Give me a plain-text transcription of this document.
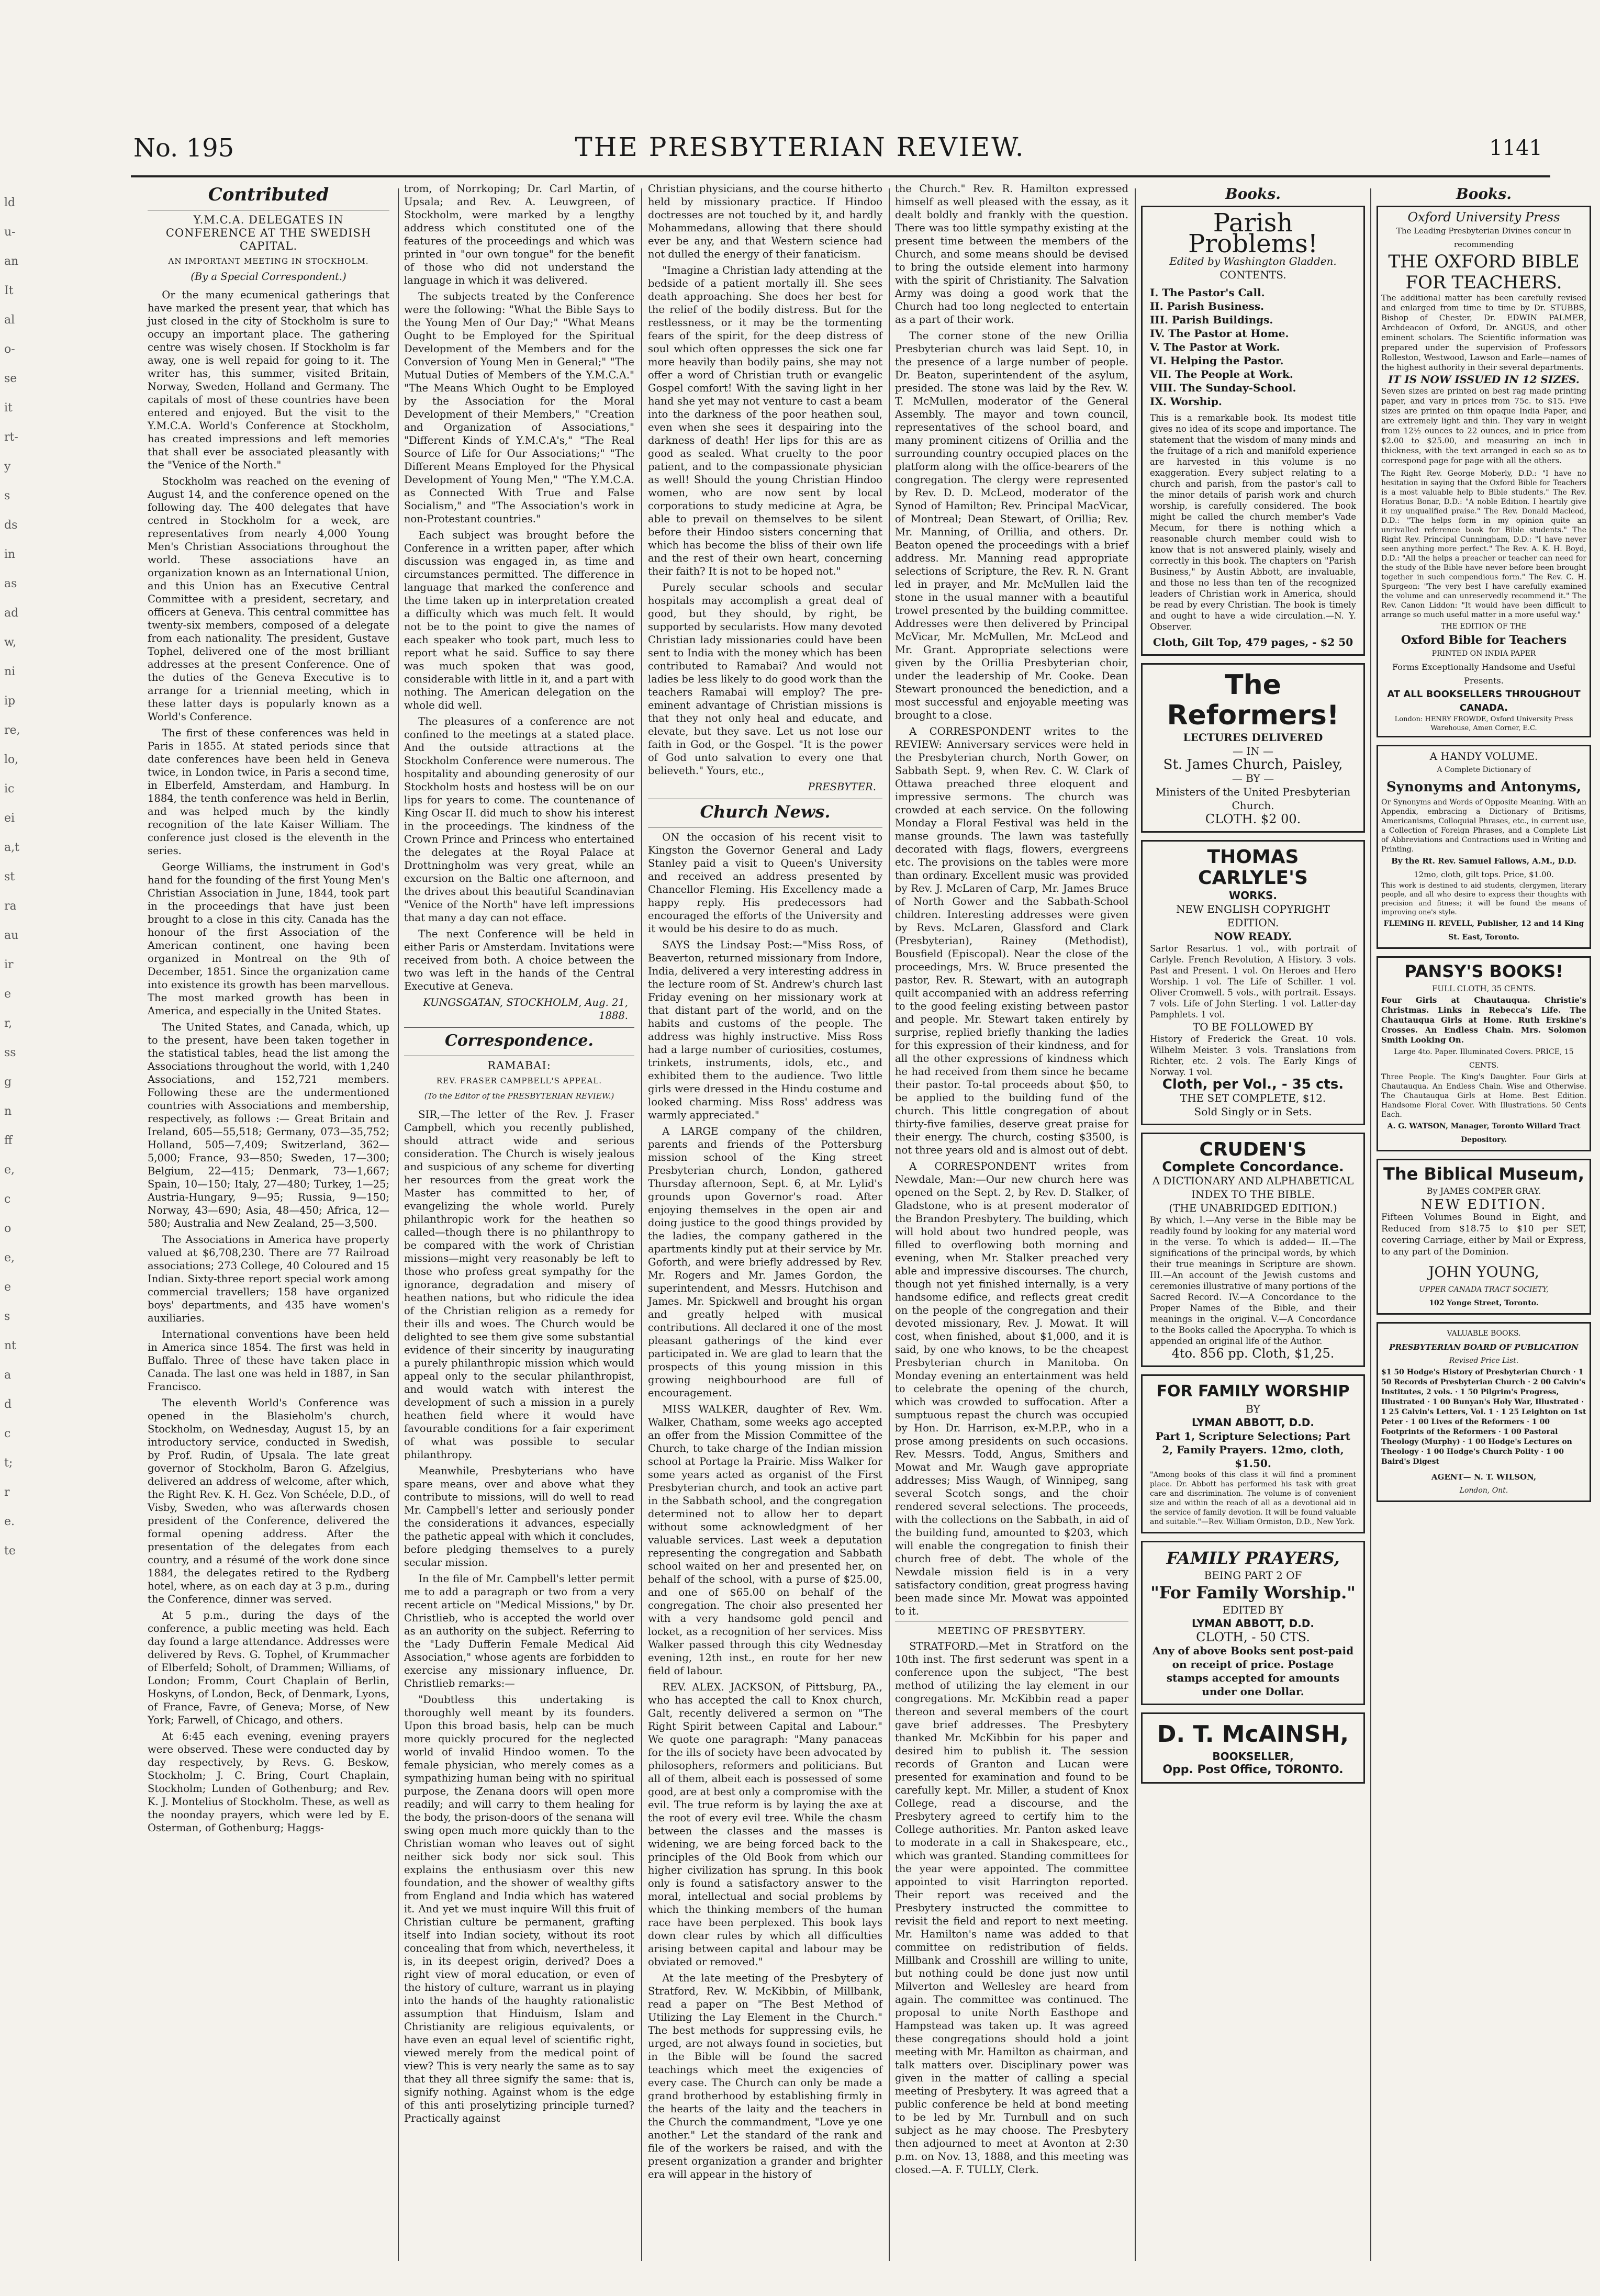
No. 195	THE PRESBYTERIAN REVIEW.	1141
ld u- an It al o- se it rt- y s ds in as ad w, ni ip re, lo, ic ei a,t st ra au ir e r, ss g n ff e, c o e, e s nt a d c t; r e. te
Contributed
Y.M.C.A. DELEGATES IN CONFERENCE AT THE SWEDISH CAPITAL.
AN IMPORTANT MEETING IN STOCKHOLM.
(By a Special Correspondent.)

Or the many ecumenical gatherings that have marked the present year, that which has just closed in the city of Stockholm is sure to occupy an important place. The gathering centre was wisely chosen. If Stockholm is far away, one is well repaid for going to it. The writer has, this summer, visited Britain, Norway, Sweden, Holland and Germany. The capitals of most of these countries have been entered and enjoyed. But the visit to the Y.M.C.A. World's Conference at Stockholm, has created impressions and left memories that shall ever be associated pleasantly with the "Venice of the North."

Stockholm was reached on the evening of August 14, and the conference opened on the following day. The 400 delegates that have centred in Stockholm for a week, are representatives from nearly 4,000 Young Men's Christian Associations throughout the world. These associations have an organization known as an International Union, and this Union has an Executive Central Committee with a president, secretary, and officers at Geneva. This central committee has twenty-six members, composed of a delegate from each nationality. The president, Gustave Tophel, delivered one of the most brilliant addresses at the present Conference. One of the duties of the Geneva Executive is to arrange for a triennial meeting, which in these latter days is popularly known as a World's Conference.

The first of these conferences was held in Paris in 1855. At stated periods since that date conferences have been held in Geneva twice, in London twice, in Paris a second time, in Elberfeld, Amsterdam, and Hamburg. In 1884, the tenth conference was held in Berlin, and was helped much by the kindly recognition of the late Kaiser William. The conference just closed is the eleventh in the series.

George Williams, the instrument in God's hand for the founding of the first Young Men's Christian Association in June, 1844, took part in the proceedings that have just been brought to a close in this city. Canada has the honour of the first Association of the American continent, one having been organized in Montreal on the 9th of December, 1851. Since the organization came into existence its growth has been marvellous. The most marked growth has been in America, and especially in the United States.

The United States, and Canada, which, up to the present, have been taken together in the statistical tables, head the list among the Associations throughout the world, with 1,240 Associations, and 152,721 members. Following these are the undermentioned countries with Associations and membership, respectively, as follows :— Great Britain and Ireland, 605—55,518; Germany, 073—35,752; Holland, 505—7,409; Switzerland, 362—5,000; France, 93—850; Sweden, 17—300; Belgium, 22—415; Denmark, 73—1,667; Spain, 10—150; Italy, 27—480; Turkey, 1—25; Austria-Hungary, 9—95; Russia, 9—150; Norway, 43—690; Asia, 48—450; Africa, 12—580; Australia and New Zealand, 25—3,500.

The Associations in America have property valued at $6,708,230. There are 77 Railroad associations; 273 College, 40 Coloured and 15 Indian. Sixty-three report special work among commercial travellers; 158 have organized boys' departments, and 435 have women's auxiliaries.

International conventions have been held in America since 1854. The first was held in Buffalo. Three of these have taken place in Canada. The last one was held in 1887, in San Francisco.

The eleventh World's Conference was opened in the Blasieholm's church, Stockholm, on Wednesday, August 15, by an introductory service, conducted in Swedish, by Prof. Rudin, of Upsala. The late great governor of Stockholm, Baron G. Afzelgius, delivered an address of welcome, after which, the Right Rev. K. H. Gez. Von Schéele, D.D., of Visby, Sweden, who was afterwards chosen president of the Conference, delivered the formal opening address. After the presentation of the delegates from each country, and a résumé of the work done since 1884, the delegates retired to the Rydberg hotel, where, as on each day at 3 p.m., during the Conference, dinner was served.

At 5 p.m., during the days of the conference, a public meeting was held. Each day found a large attendance. Addresses were delivered by Revs. G. Tophel, of Krummacher of Elberfeld; Soholt, of Drammen; Williams, of London; Fromm, Court Chaplain of Berlin, Hoskyns, of London, Beck, of Denmark, Lyons, of France, Favre, of Geneva; Morse, of New York; Farwell, of Chicago, and others.

At 6:45 each evening, evening prayers were observed. These were conducted day by day respectively, by Revs. G. Beskow, Stockholm; J. C. Bring, Court Chaplain, Stockholm; Lunden of Gothenburg; and Rev. K. J. Montelius of Stockholm. These, as well as the noonday prayers, which were led by E. Osterman, of Gothenburg; Haggs-

trom, of Norrkoping; Dr. Carl Martin, of Upsala; and Rev. A. Leuwgreen, of Stockholm, were marked by a lengthy address which constituted one of the features of the proceedings and which was printed in "our own tongue" for the benefit of those who did not understand the language in which it was delivered.

The subjects treated by the Conference were the following: "What the Bible Says to the Young Men of Our Day;" "What Means Ought to be Employed for the Spiritual Development of the Members and for the Conversion of Young Men in General;" "The Mutual Duties of Members of the Y.M.C.A." "The Means Which Ought to be Employed by the Association for the Moral Development of their Members," "Creation and Organization of Associations," "Different Kinds of Y.M.C.A's," "The Real Source of Life for Our Associations;" "The Different Means Employed for the Physical Development of Young Men," "The Y.M.C.A. as Connected With True and False Socialism," and "The Association's work in non-Protestant countries."

Each subject was brought before the Conference in a written paper, after which discussion was engaged in, as time and circumstances permitted. The difference in language that marked the conference and the time taken up in interpretation created a difficulty which was much felt. It would not be to the point to give the names of each speaker who took part, much less to report what he said. Suffice to say there was much spoken that was good, considerable with little in it, and a part with nothing. The American delegation on the whole did well.

The pleasures of a conference are not confined to the meetings at a stated place. And the outside attractions at the Stockholm Conference were numerous. The hospitality and abounding generosity of our Stockholm hosts and hostess will be on our lips for years to come. The countenance of King Oscar II. did much to show his interest in the proceedings. The kindness of the Crown Prince and Princess who entertained the delegates at the Royal Palace at Drottningholm was very great, while an excursion on the Baltic one afternoon, and the drives about this beautiful Scandinavian "Venice of the North" have left impressions that many a day can not efface.

The next Conference will be held in either Paris or Amsterdam. Invitations were received from both. A choice between the two was left in the hands of the Central Executive at Geneva.

KUNGSGATAN, STOCKHOLM, Aug. 21, 1888.
Correspondence.
RAMABAI:
REV. FRASER CAMPBELL'S APPEAL.
(To the Editor of the PRESBYTERIAN REVIEW.)

SIR,—The letter of the Rev. J. Fraser Campbell, which you recently published, should attract wide and serious consideration. The Church is wisely jealous and suspicious of any scheme for diverting her resources from the great work the Master has committed to her, of evangelizing the whole world. Purely philanthropic work for the heathen so called—though there is no philanthropy to be compared with the work of Christian missions—might very reasonably be left to those who profess great sympathy for the ignorance, degradation and misery of heathen nations, but who ridicule the idea of the Christian religion as a remedy for their ills and woes. The Church would be delighted to see them give some substantial evidence of their sincerity by inaugurating a purely philanthropic mission which would appeal only to the secular philanthropist, and would watch with interest the development of such a mission in a purely heathen field where it would have favourable conditions for a fair experiment of what was possible to secular philanthropy.

Meanwhile, Presbyterians who have spare means, over and above what they contribute to missions, will do well to read Mr. Campbell's letter and seriously ponder the considerations it advances, especially the pathetic appeal with which it concludes, before pledging themselves to a purely secular mission.

In the file of Mr. Campbell's letter permit me to add a paragraph or two from a very recent article on "Medical Missions," by Dr. Christlieb, who is accepted the world over as an authority on the subject. Referring to the "Lady Dufferin Female Medical Aid Association," whose agents are forbidden to exercise any missionary influence, Dr. Christlieb remarks:—

"Doubtless this undertaking is thoroughly well meant by its founders. Upon this broad basis, help can be much more quickly procured for the neglected world of invalid Hindoo women. To the female physician, who merely comes as a sympathizing human being with no spiritual purpose, the Zenana doors will open more readily; and will carry to them healing for the body, the prison-doors of the senana will swing open much more quickly than to the Christian woman who leaves out of sight neither sick body nor sick soul. This explains the enthusiasm over this new foundation, and the shower of wealthy gifts from England and India which has watered it. And yet we must inquire Will this fruit of Christian culture be permanent, grafting itself into Indian society, without its root concealing that from which, nevertheless, it is, in its deepest origin, derived? Does a right view of moral education, or even of the history of culture, warrant us in playing into the hands of the haughty rationalistic assumption that Hinduism, Islam and Christianity are religious equivalents, or have even an equal level of scientific right, viewed merely from the medical point of view? This is very nearly the same as to say that they all three signify the same: that is, signify nothing. Against whom is the edge of this anti proselytizing principle turned? Practically against

Christian physicians, and the course hitherto held by missionary practice. If Hindoo doctresses are not touched by it, and hardly Mohammedans, allowing that there should ever be any, and that Western science had not dulled the energy of their fanaticism.

"Imagine a Christian lady attending at the bedside of a patient mortally ill. She sees death approaching. She does her best for the relief of the bodily distress. But for the restlessness, or it may be the tormenting fears of the spirit, for the deep distress of soul which often oppresses the sick one far more heavily than bodily pains, she may not offer a word of Christian truth or evangelic Gospel comfort! With the saving light in her hand she yet may not venture to cast a beam into the darkness of the poor heathen soul, even when she sees it despairing into the darkness of death! Her lips for this are as good as sealed. What cruelty to the poor patient, and to the compassionate physician as well! Should the young Christian Hindoo women, who are now sent by local corporations to study medicine at Agra, be able to prevail on themselves to be silent before their Hindoo sisters concerning that which has become the bliss of their own life and the rest of their own heart, concerning their faith? It is not to be hoped not."

Purely secular schools and secular hospitals may accomplish a great deal of good, but they should, by right, be supported by secularists. How many devoted Christian lady missionaries could have been sent to India with the money which has been contributed to Ramabai? And would not ladies be less likely to do good work than the teachers Ramabai will employ? The pre-eminent advantage of Christian missions is that they not only heal and educate, and elevate, but they save. Let us not lose our faith in God, or the Gospel. "It is the power of God unto salvation to every one that believeth." Yours, etc.,

PRESBYTER.
Church News.

ON the occasion of his recent visit to Kingston the Governor General and Lady Stanley paid a visit to Queen's University and received an address presented by Chancellor Fleming. His Excellency made a happy reply. His predecessors had encouraged the efforts of the University and it would be his desire to do as much.

SAYS the Lindsay Post:—"Miss Ross, of Beaverton, returned missionary from Indore, India, delivered a very interesting address in the lecture room of St. Andrew's church last Friday evening on her missionary work at that distant part of the world, and on the habits and customs of the people. The address was highly instructive. Miss Ross had a large number of curiosities, costumes, trinkets, instruments, idols, etc., and exhibited them to the audience. Two little girls were dressed in the Hindu costume and looked charming. Miss Ross' address was warmly appreciated."

A LARGE company of the children, parents and friends of the Pottersburg mission school of the King street Presbyterian church, London, gathered Thursday afternoon, Sept. 6, at Mr. Lylid's grounds upon Governor's road. After enjoying themselves in the open air and doing justice to the good things provided by the ladies, the company gathered in the apartments kindly put at their service by Mr. Goforth, and were briefly addressed by Rev. Mr. Rogers and Mr. James Gordon, the superintendent, and Messrs. Hutchison and James. Mr. Spickwell and brought his organ and greatly helped with musical contributions. All declared it one of the most pleasant gatherings of the kind ever participated in. We are glad to learn that the prospects of this young mission in this growing neighbourhood are full of encouragement.

MISS WALKER, daughter of Rev. Wm. Walker, Chatham, some weeks ago accepted an offer from the Mission Committee of the Church, to take charge of the Indian mission school at Portage la Prairie. Miss Walker for some years acted as organist of the First Presbyterian church, and took an active part in the Sabbath school, and the congregation determined not to allow her to depart without some acknowledgment of her valuable services. Last week a deputation representing the congregation and Sabbath school waited on her and presented her, on behalf of the school, with a purse of $25.00, and one of $65.00 on behalf of the congregation. The choir also presented her with a very handsome gold pencil and locket, as a recognition of her services. Miss Walker passed through this city Wednesday evening, 12th inst., en route for her new field of labour.

REV. ALEX. JACKSON, of Pittsburg, PA., who has accepted the call to Knox church, Galt, recently delivered a sermon on "The Right Spirit between Capital and Labour." We quote one paragraph: "Many panaceas for the ills of society have been advocated by philosophers, reformers and politicians. But all of them, albeit each is possessed of some good, are at best only a compromise with the evil. The true reform is by laying the axe at the root of every evil tree. While the chasm between the classes and the masses is widening, we are being forced back to the principles of the Old Book from which our higher civilization has sprung. In this book only is found a satisfactory answer to the moral, intellectual and social problems by which the thinking members of the human race have been perplexed. This book lays down clear rules by which all difficulties arising between capital and labour may be obviated or removed."

At the late meeting of the Presbytery of Stratford, Rev. W. McKibbin, of Millbank, read a paper on "The Best Method of Utilizing the Lay Element in the Church." The best methods for suppressing evils, he urged, are not always found in societies, but in the Bible will be found the sacred teachings which meet the exigencies of every case. The Church can only be made a grand brotherhood by establishing firmly in the hearts of the laity and the teachers in the Church the commandment, "Love ye one another." Let the standard of the rank and file of the workers be raised, and with the present organization a grander and brighter era will appear in the history of

the Church." Rev. R. Hamilton expressed himself as well pleased with the essay, as it dealt boldly and frankly with the question. There was too little sympathy existing at the present time between the members of the Church, and some means should be devised to bring the outside element into harmony with the spirit of Christianity. The Salvation Army was doing a good work that the Church had too long neglected to entertain as a part of their work.

The corner stone of the new Orillia Presbyterian church was laid Sept. 10, in the presence of a large number of people. Dr. Beaton, superintendent of the asylum, presided. The stone was laid by the Rev. W. T. McMullen, moderator of the General Assembly. The mayor and town council, representatives of the school board, and many prominent citizens of Orillia and the surrounding country occupied places on the platform along with the office-bearers of the congregation. The clergy were represented by Rev. D. D. McLeod, moderator of the Synod of Hamilton; Rev. Principal MacVicar, of Montreal; Dean Stewart, of Orillia; Rev. Mr. Manning, of Orillia, and others. Dr. Beaton opened the proceedings with a brief address. Mr. Manning read appropriate selections of Scripture, the Rev. R. N. Grant led in prayer, and Mr. McMullen laid the stone in the usual manner with a beautiful trowel presented by the building committee. Addresses were then delivered by Principal McVicar, Mr. McMullen, Mr. McLeod and Mr. Grant. Appropriate selections were given by the Orillia Presbyterian choir, under the leadership of Mr. Cooke. Dean Stewart pronounced the benediction, and a most successful and enjoyable meeting was brought to a close.

A CORRESPONDENT writes to the REVIEW: Anniversary services were held in the Presbyterian church, North Gower, on Sabbath Sept. 9, when Rev. C. W. Clark of Ottawa preached three eloquent and impressive sermons. The church was crowded at each service. On the following Monday a Floral Festival was held in the manse grounds. The lawn was tastefully decorated with flags, flowers, evergreens etc. The provisions on the tables were more than ordinary. Excellent music was provided by Rev. J. McLaren of Carp, Mr. James Bruce of North Gower and the Sabbath-School children. Interesting addresses were given by Revs. McLaren, Glassford and Clark (Presbyterian), Rainey (Methodist), Bousfield (Episcopal). Near the close of the proceedings, Mrs. W. Bruce presented the pastor, Rev. R. Stewart, with an autograph quilt accompanied with an address referring to the good feeling existing between pastor and people. Mr. Stewart taken entirely by surprise, replied briefly thanking the ladies for this expression of their kindness, and for all the other expressions of kindness which he had received from them since he became their pastor. To-tal proceeds about $50, to be applied to the building fund of the church. This little congregation of about thirty-five families, deserve great praise for their energy. The church, costing $3500, is not three years old and is almost out of debt.

A CORRESPONDENT writes from Newdale, Man:—Our new church here was opened on the Sept. 2, by Rev. D. Stalker, of Gladstone, who is at present moderator of the Brandon Presbytery. The building, which will hold about two hundred people, was filled to overflowing both morning and evening, when Mr. Stalker preached very able and impressive discourses. The church, though not yet finished internally, is a very handsome edifice, and reflects great credit on the people of the congregation and their devoted missionary, Rev. J. Mowat. It will cost, when finished, about $1,000, and it is said, by one who knows, to be the cheapest Presbyterian church in Manitoba. On Monday evening an entertainment was held to celebrate the opening of the church, which was crowded to suffocation. After a sumptuous repast the church was occupied by Hon. Dr. Harrison, ex-M.P.P., who in a prose among presidents on such occasions. Rev. Messrs. Todd, Angus, Smithers and Mowat and Mr. Waugh gave appropriate addresses; Miss Waugh, of Winnipeg, sang several Scotch songs, and the choir rendered several selections. The proceeds, with the collections on the Sabbath, in aid of the building fund, amounted to $203, which will enable the congregation to finish their church free of debt. The whole of the Newdale mission field is in a very satisfactory condition, great progress having been made since Mr. Mowat was appointed to it.

MEETING OF PRESBYTERY.

STRATFORD.—Met in Stratford on the 10th inst. The first sederunt was spent in a conference upon the subject, "The best method of utilizing the lay element in our congregations. Mr. McKibbin read a paper thereon and several members of the court gave brief addresses. The Presbytery thanked Mr. McKibbin for his paper and desired him to publish it. The session records of Granton and Lucan were presented for examination and found to be carefully kept. Mr. Miller, a student of Knox College, read a discourse, and the Presbytery agreed to certify him to the College authorities. Mr. Panton asked leave to moderate in a call in Shakespeare, etc., which was granted. Standing committees for the year were appointed. The committee appointed to visit Harrington reported. Their report was received and the Presbytery instructed the committee to revisit the field and report to next meeting. Mr. Hamilton's name was added to that committee on redistribution of fields. Millbank and Crosshill are willing to unite, but nothing could be done just now until Milverton and Wellesley are heard from again. The committee was continued. The proposal to unite North Easthope and Hampstead was taken up. It was agreed these congregations should hold a joint meeting with Mr. Hamilton as chairman, and talk matters over. Disciplinary power was given in the matter of calling a special meeting of Presbytery. It was agreed that a public conference be held at bond meeting to be led by Mr. Turnbull and on such subject as he may choose. The Presbytery then adjourned to meet at Avonton at 2:30 p.m. on Nov. 13, 1888, and this meeting was closed.—A. F. TULLY, Clerk.

Books.
Parish Problems!
Edited by Washington Gladden.
CONTENTS.
I. The Pastor's Call.
II. Parish Business.
III. Parish Buildings.
IV. The Pastor at Home.
V. The Pastor at Work.
VI. Helping the Pastor.
VII. The People at Work.
VIII. The Sunday-School.
IX. Worship.
This is a remarkable book. Its modest title gives no idea of its scope and importance. The statement that the wisdom of many minds and the fruitage of a rich and manifold experience are harvested in this volume is no exaggeration. Every subject relating to a church and parish, from the pastor's call to the minor details of parish work and church worship, is carefully considered. The book might be called the church member's Vade Mecum, for there is nothing which a reasonable church member could wish to know that is not answered plainly, wisely and correctly in this book. The chapters on "Parish Business," by Austin Abbott, are invaluable, and those no less than ten of the recognized leaders of Christian work in America, should be read by every Christian. The book is timely and ought to have a wide circulation.—N. Y. Observer.
Cloth, Gilt Top, 479 pages, - $2 50
The Reformers!
LECTURES DELIVERED
— IN —
St. James Church, Paisley,
— BY —
Ministers of the United Presbyterian Church.
CLOTH. $2 00.
THOMAS CARLYLE'S
WORKS.
NEW ENGLISH COPYRIGHT EDITION.
NOW READY.
Sartor Resartus. 1 vol., with portrait of Carlyle. French Revolution, A History. 3 vols. Past and Present. 1 vol. On Heroes and Hero Worship. 1 vol. The Life of Schiller. 1 vol. Oliver Cromwell. 5 vols., with portrait. Essays. 7 vols. Life of John Sterling. 1 vol. Latter-day Pamphlets. 1 vol.
TO BE FOLLOWED BY
History of Frederick the Great. 10 vols. Wilhelm Meister. 3 vols. Translations from Richter, etc. 2 vols. The Early Kings of Norway. 1 vol.
Cloth, per Vol., - 35 cts.
THE SET COMPLETE, $12.
Sold Singly or in Sets.
CRUDEN'S
Complete Concordance.
A DICTIONARY AND ALPHABETICAL INDEX TO THE BIBLE.
(THE UNABRIDGED EDITION.)
By which, I.—Any verse in the Bible may be readily found by looking for any material word in the verse. To which is added— II.—The significations of the principal words, by which their true meanings in Scripture are shown. III.—An account of the Jewish customs and ceremonies illustrative of many portions of the Sacred Record. IV.—A Concordance to the Proper Names of the Bible, and their meanings in the original. V.—A Concordance to the Books called the Apocrypha. To which is appended an original life of the Author.
4to. 856 pp. Cloth, $1,25.
FOR FAMILY WORSHIP
BY
LYMAN ABBOTT, D.D.
Part 1, Scripture Selections; Part 2, Family Prayers. 12mo, cloth, $1.50.
"Among books of this class it will find a prominent place. Dr. Abbott has performed his task with great care and discrimination. The volume is of convenient size and within the reach of all as a devotional aid in the service of family devotion. It will be found valuable and suitable."—Rev. William Ormiston, D.D., New York.
FAMILY PRAYERS,
BEING PART 2 OF
"For Family Worship."
EDITED BY
LYMAN ABBOTT, D.D.
CLOTH, - 50 CTS.
Any of above Books sent post-paid on receipt of price. Postage stamps accepted for amounts under one Dollar.
D. T. McAINSH,
BOOKSELLER,
Opp. Post Office, TORONTO.
Books.
Oxford University Press
The Leading Presbyterian Divines concur in recommending
THE OXFORD BIBLE FOR TEACHERS.
The additional matter has been carefully revised and enlarged from time to time by Dr. STUBBS, Bishop of Chester, Dr. EDWIN PALMER, Archdeacon of Oxford, Dr. ANGUS, and other eminent scholars. The Scientific information was prepared under the supervision of Professors Rolleston, Westwood, Lawson and Earle—names of the highest authority in their several departments.
IT IS NOW ISSUED IN 12 SIZES.
Seven sizes are printed on best rag made printing paper, and vary in prices from 75c. to $15. Five sizes are printed on thin opaque India Paper, and are extremely light and thin. They vary in weight from 12½ ounces to 22 ounces, and in price from $2.00 to $25.00, and measuring an inch in thickness, with the text arranged in each so as to correspond page for page with all the others.
The Right Rev. George Moberly, D.D.: "I have no hesitation in saying that the Oxford Bible for Teachers is a most valuable help to Bible students." The Rev. Horatius Bonar, D.D.: "A noble Edition. I heartily give it my unqualified praise." The Rev. Donald Macleod, D.D.: "The helps form in my opinion quite an unrivalled reference book for Bible students." The Right Rev. Principal Cunningham, D.D.: "I have never seen anything more perfect." The Rev. A. K. H. Boyd, D.D.: "All the helps a preacher or teacher can need for the study of the Bible have never before been brought together in such compendious form." The Rev. C. H. Spurgeon: "The very best I have carefully examined the volume and can unreservedly recommend it." The Rev. Canon Liddon: "It would have been difficult to arrange so much useful matter in a more useful way."
THE EDITION OF THE
Oxford Bible for Teachers
PRINTED ON INDIA PAPER
Forms Exceptionally Handsome and Useful Presents.
AT ALL BOOKSELLERS THROUGHOUT CANADA.
London: HENRY FROWDE, Oxford University Press Warehouse, Amen Corner, E.C.
A HANDY VOLUME.
A Complete Dictionary of
Synonyms and Antonyms,
Or Synonyms and Words of Opposite Meaning. With an Appendix, embracing a Dictionary of Britisms, Americanisms, Colloquial Phrases, etc., in current use, a Collection of Foreign Phrases, and a Complete List of Abbreviations and Contractions used in Writing and Printing.
By the Rt. Rev. Samuel Fallows, A.M., D.D.
12mo, cloth, gilt tops. Price, $1.00.
This work is destined to aid students, clergymen, literary people, and all who desire to express their thoughts with precision and fitness; it will be found the means of improving one's style.
FLEMING H. REVELL, Publisher, 12 and 14 King St. East, Toronto.
PANSY'S BOOKS!
FULL CLOTH, 35 CENTS.
Four Girls at Chautauqua. Christie's Christmas. Links in Rebecca's Life. The Chautauqua Girls at Home. Ruth Erskine's Crosses. An Endless Chain. Mrs. Solomon Smith Looking On.
Large 4to. Paper. Illuminated Covers. PRICE, 15 CENTS.
Three People. The King's Daughter. Four Girls at Chautauqua. An Endless Chain. Wise and Otherwise. The Chautauqua Girls at Home. Best Edition. Handsome Floral Cover. With Illustrations. 50 Cents Each.
A. G. WATSON, Manager, Toronto Willard Tract Depository.
The Biblical Museum,
By JAMES COMPER GRAY.
NEW EDITION.
Fifteen Volumes Bound in Eight, and Reduced from $18.75 to $10 per SET, covering Carriage, either by Mail or Express, to any part of the Dominion.
JOHN YOUNG,
UPPER CANADA TRACT SOCIETY,
102 Yonge Street, Toronto.
VALUABLE BOOKS.
PRESBYTERIAN BOARD OF PUBLICATION
Revised Price List.
$1 50 Hodge's History of Presbyterian Church · 1 50 Records of Presbyterian Church · 2 00 Calvin's Institutes, 2 vols. · 1 50 Pilgrim's Progress, Illustrated · 1 00 Bunyan's Holy War, Illustrated · 1 25 Calvin's Letters, Vol. 1 · 1 25 Leighton on 1st Peter · 1 00 Lives of the Reformers · 1 00 Footprints of the Reformers · 1 00 Pastoral Theology (Murphy) · 1 00 Hodge's Lectures on Theology · 1 00 Hodge's Church Polity · 1 00 Baird's Digest
AGENT— N. T. WILSON,
London, Ont.
